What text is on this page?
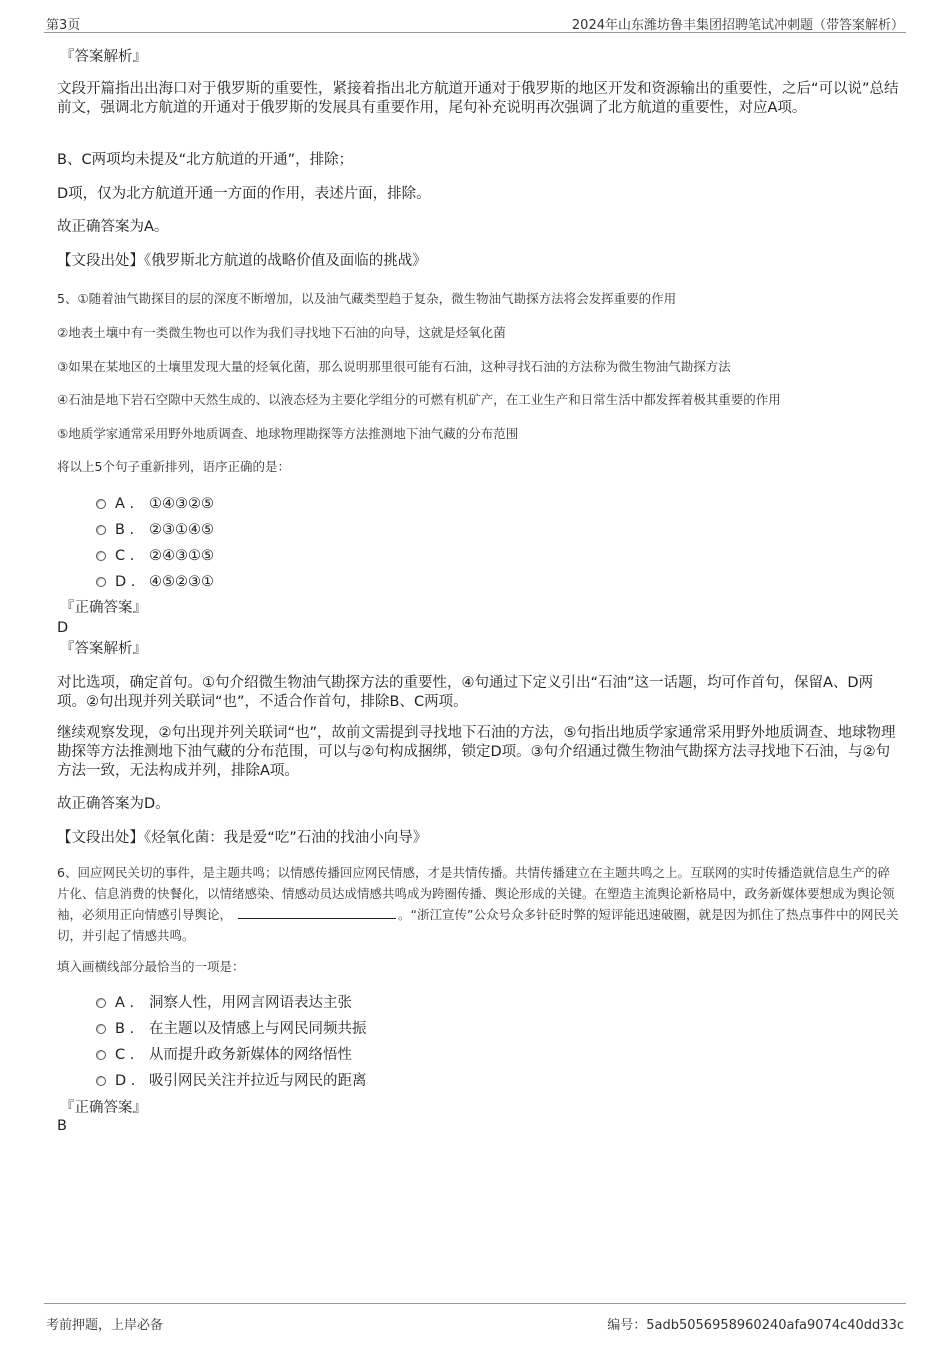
第3页	2024年山东潍坊鲁丰集团招聘笔试冲刺题（带答案解析）
『答案解析』
文段开篇指出出海口对于俄罗斯的重要性，紧接着指出北方航道开通对于俄罗斯的地区开发和资源输出的重要性，之后“可以说”总结前文，强调北方航道的开通对于俄罗斯的发展具有重要作用，尾句补充说明再次强调了北方航道的重要性，对应A项。
B、C两项均未提及“北方航道的开通”，排除；
D项，仅为北方航道开通一方面的作用，表述片面，排除。
故正确答案为A。
【文段出处】《俄罗斯北方航道的战略价值及面临的挑战》
5、①随着油气勘探目的层的深度不断增加，以及油气藏类型趋于复杂，微生物油气勘探方法将会发挥重要的作用
②地表土壤中有一类微生物也可以作为我们寻找地下石油的向导，这就是烃氧化菌
③如果在某地区的土壤里发现大量的烃氧化菌，那么说明那里很可能有石油，这种寻找石油的方法称为微生物油气勘探方法
④石油是地下岩石空隙中天然生成的、以液态烃为主要化学组分的可燃有机矿产，在工业生产和日常生活中都发挥着极其重要的作用
⑤地质学家通常采用野外地质调查、地球物理勘探等方法推测地下油气藏的分布范围
将以上5个句子重新排列，语序正确的是：
A . ①④③②⑤
B . ②③①④⑤
C . ②④③①⑤
D . ④⑤②③①
『正确答案』
D
『答案解析』
对比选项，确定首句。①句介绍微生物油气勘探方法的重要性，④句通过下定义引出“石油”这一话题，均可作首句，保留A、D两项。②句出现并列关联词“也”，不适合作首句，排除B、C两项。
继续观察发现，②句出现并列关联词“也”，故前文需提到寻找地下石油的方法，⑤句指出地质学家通常采用野外地质调查、地球物理勘探等方法推测地下油气藏的分布范围，可以与②句构成捆绑，锁定D项。③句介绍通过微生物油气勘探方法寻找地下石油，与②句方法一致，无法构成并列，排除A项。
故正确答案为D。
【文段出处】《烃氧化菌：我是爱“吃”石油的找油小向导》
6、回应网民关切的事件，是主题共鸣；以情感传播回应网民情感，才是共情传播。共情传播建立在主题共鸣之上。互联网的实时传播造就信息生产的碎片化、信息消费的快餐化，以情绪感染、情感动员达成情感共鸣成为跨圈传播、舆论形成的关键。在塑造主流舆论新格局中，政务新媒体要想成为舆论领袖，必须用正向情感引导舆论，	。“浙江宣传”公众号众多针砭时弊的短评能迅速破圈，就是因为抓住了热点事件中的网民关切，并引起了情感共鸣。
填入画横线部分最恰当的一项是：
A . 洞察人性，用网言网语表达主张
B . 在主题以及情感上与网民同频共振
C . 从而提升政务新媒体的网络悟性
D . 吸引网民关注并拉近与网民的距离
『正确答案』
B
考前押题，上岸必备	编号：5adb5056958960240afa9074c40dd33c
